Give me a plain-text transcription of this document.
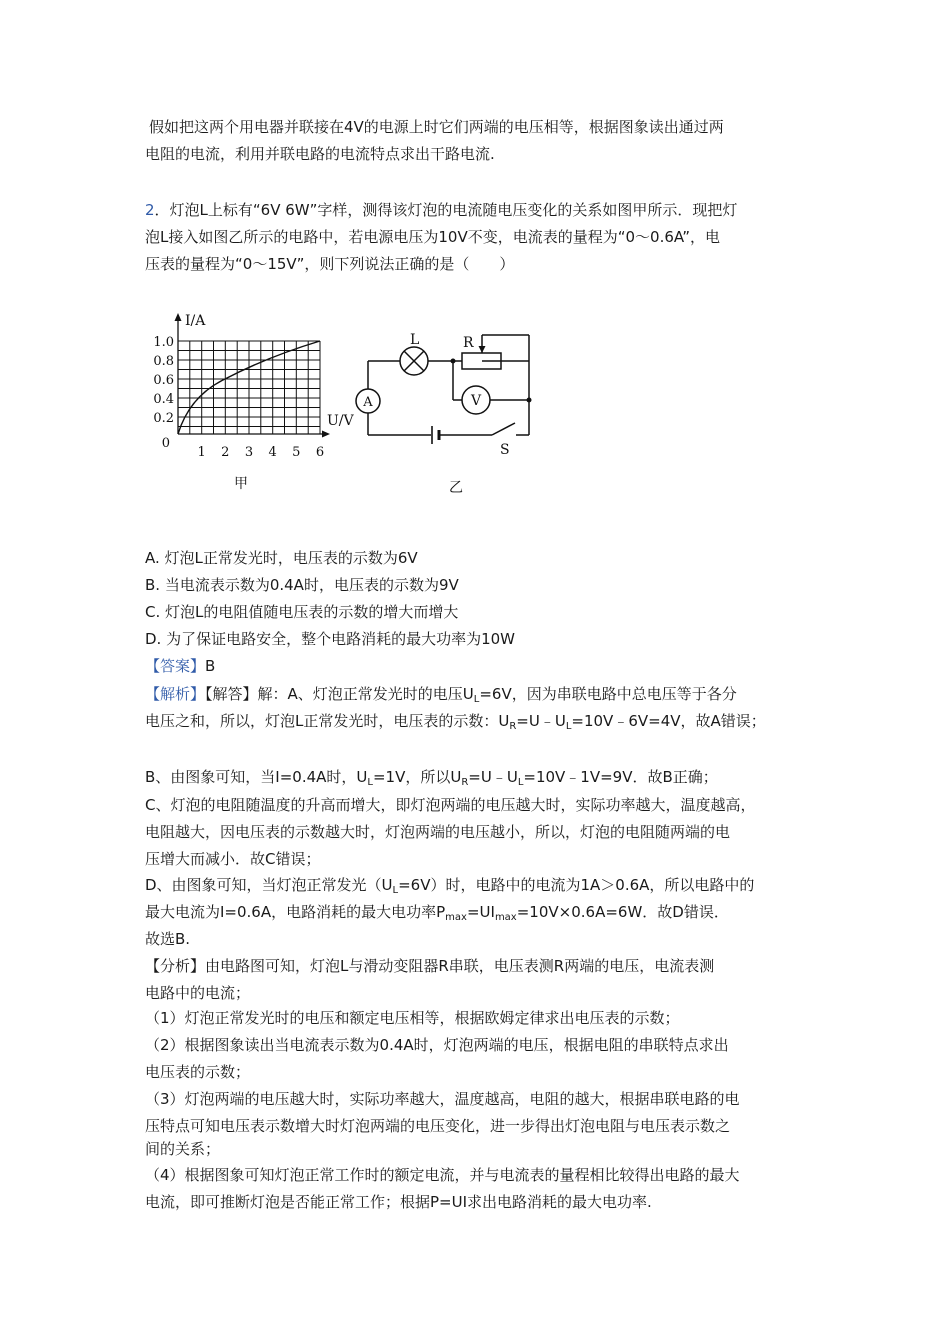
假如把这两个用电器并联接在4V的电源上时它们两端的电压相等，根据图象读出通过两
电阻的电流，利用并联电路的电流特点求出干路电流.
2．灯泡L上标有“6V 6W”字样，测得该灯泡的电流随电压变化的关系如图甲所示．现把灯
泡L接入如图乙所示的电路中，若电源电压为10V不变，电流表的量程为“0～0.6A”，电
压表的量程为“0～15V”，则下列说法正确的是（　　）
I/A
U/V
1.0
0.8
0.6
0.4
0.2
0
1 2 3 4 5 6
甲
A	V
L	R
S
乙
A. 灯泡L正常发光时，电压表的示数为6V
B. 当电流表示数为0.4A时，电压表的示数为9V
C. 灯泡L的电阻值随电压表的示数的增大而增大
D. 为了保证电路安全，整个电路消耗的最大功率为10W
【答案】B
【解析】【解答】解：A、灯泡正常发光时的电压$U_L=6V$，因为串联电路中总电压等于各分
电压之和，所以，灯泡L正常发光时，电压表的示数：$U_R=U﹣U_L=10V﹣6V=4V$，故A错误；
B、由图象可知，当I=0.4A时，$U_L=1V$，所以$U_R=U﹣U_L=10V﹣1V=9V$．故B正确；
C、灯泡的电阻随温度的升高而增大，即灯泡两端的电压越大时，实际功率越大，温度越高，
电阻越大，因电压表的示数越大时，灯泡两端的电压越小，所以，灯泡的电阻随两端的电
压增大而减小．故C错误；
D、由图象可知，当灯泡正常发光$(U_L=6V)$时，电路中的电流为1A＞0.6A，所以电路中的
最大电流为I=0.6A，电路消耗的最大电功率$P_{max}=UI_{max}=10V\times 0.6A=6W$．故D错误．
故选B.
【分析】由电路图可知，灯泡L与滑动变阻器R串联，电压表测R两端的电压，电流表测
电路中的电流；
（1）灯泡正常发光时的电压和额定电压相等，根据欧姆定律求出电压表的示数；
（2）根据图象读出当电流表示数为0.4A时，灯泡两端的电压，根据电阻的串联特点求出
电压表的示数；
（3）灯泡两端的电压越大时，实际功率越大，温度越高，电阻的越大，根据串联电路的电
压特点可知电压表示数增大时灯泡两端的电压变化，进一步得出灯泡电阻与电压表示数之
间的关系；
（4）根据图象可知灯泡正常工作时的额定电流，并与电流表的量程相比较得出电路的最大
电流，即可推断灯泡是否能正常工作；根据P=UI求出电路消耗的最大电功率.
